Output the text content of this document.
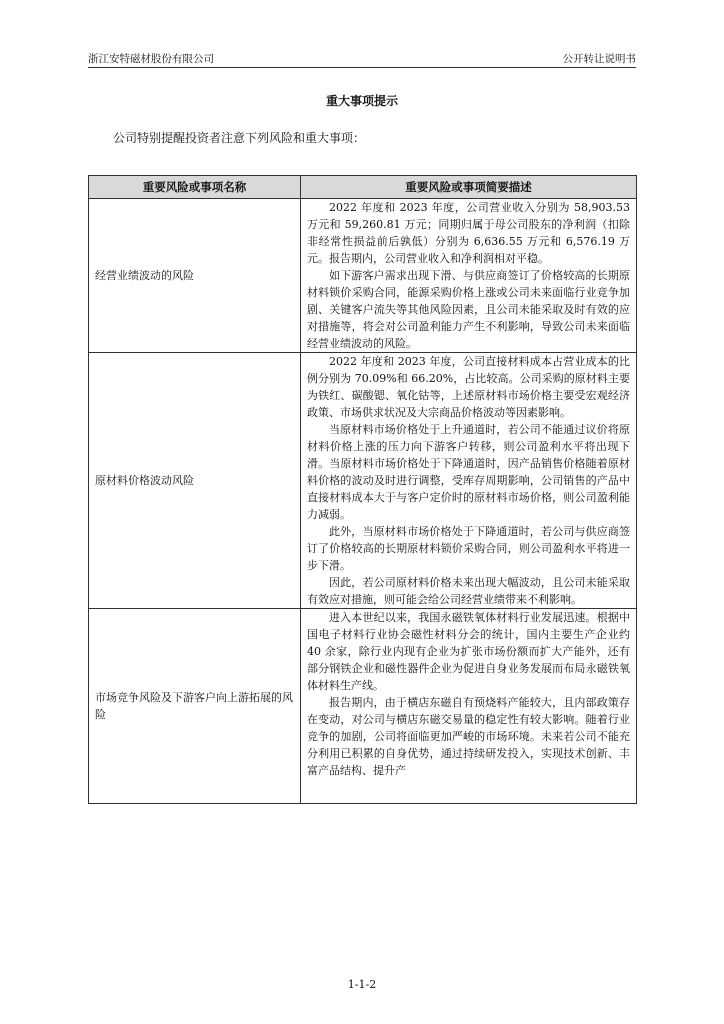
浙江安特磁材股份有限公司	公开转让说明书
重大事项提示
公司特别提醒投资者注意下列风险和重大事项：
重要风险或事项名称	重要风险或事项简要描述
经营业绩波动的风险	2022 年度和 2023 年度，公司营业收入分别为 58,903.53 万元和 59,260.81 万元；同期归属于母公司股东的净利润（扣除非经常性损益前后孰低）分别为 6,636.55 万元和 6,576.19 万元。报告期内，公司营业收入和净利润相对平稳。

如下游客户需求出现下滑、与供应商签订了价格较高的长期原材料锁价采购合同，能源采购价格上涨或公司未来面临行业竞争加剧、关键客户流失等其他风险因素，且公司未能采取及时有效的应对措施等，将会对公司盈利能力产生不利影响，导致公司未来面临经营业绩波动的风险。

原材料价格波动风险	2022 年度和 2023 年度，公司直接材料成本占营业成本的比例分别为 70.09%和 66.20%，占比较高。公司采购的原材料主要为铁红、碳酸锶、氧化钴等，上述原材料市场价格主要受宏观经济政策、市场供求状况及大宗商品价格波动等因素影响。

当原材料市场价格处于上升通道时，若公司不能通过议价将原材料价格上涨的压力向下游客户转移，则公司盈利水平将出现下滑。当原材料市场价格处于下降通道时，因产品销售价格随着原材料价格的波动及时进行调整，受库存周期影响，公司销售的产品中直接材料成本大于与客户定价时的原材料市场价格，则公司盈利能力减弱。

此外，当原材料市场价格处于下降通道时，若公司与供应商签订了价格较高的长期原材料锁价采购合同，则公司盈利水平将进一步下滑。

因此，若公司原材料价格未来出现大幅波动，且公司未能采取有效应对措施，则可能会给公司经营业绩带来不利影响。

市场竞争风险及下游客户向上游拓展的风险	进入本世纪以来，我国永磁铁氧体材料行业发展迅速。根据中国电子材料行业协会磁性材料分会的统计，国内主要生产企业约 40 余家，除行业内现有企业为扩张市场份额而扩大产能外，还有部分钢铁企业和磁性器件企业为促进自身业务发展而布局永磁铁氧体材料生产线。

报告期内，由于横店东磁自有预烧料产能较大，且内部政策存在变动，对公司与横店东磁交易量的稳定性有较大影响。随着行业竞争的加剧，公司将面临更加严峻的市场环境。未来若公司不能充分利用已积累的自身优势，通过持续研发投入，实现技术创新、丰富产品结构、提升产

1-1-2
